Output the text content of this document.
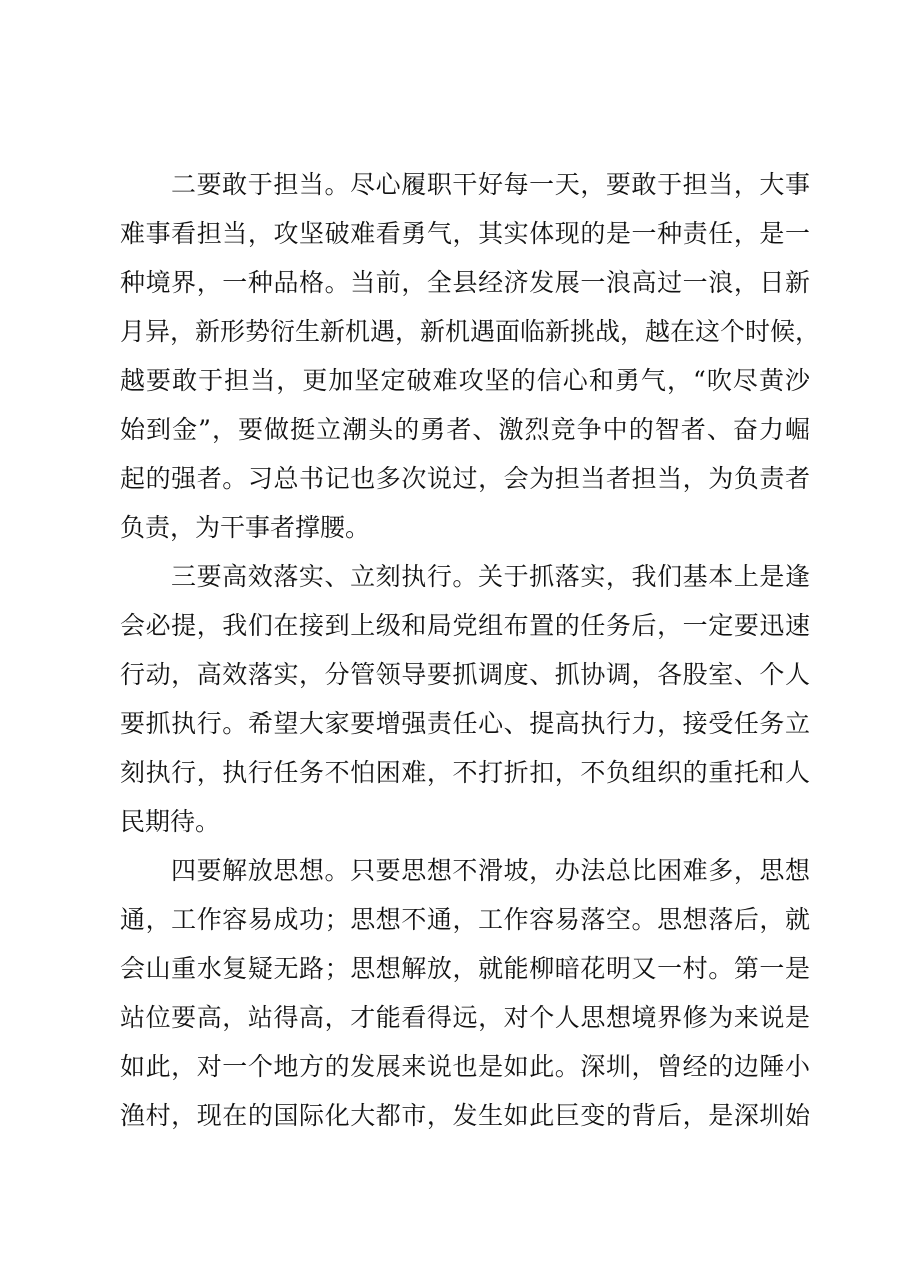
二要敢于担当。尽心履职干好每一天，要敢于担当，大事

难事看担当，攻坚破难看勇气，其实体现的是一种责任，是一

种境界，一种品格。当前，全县经济发展一浪高过一浪，日新

月异，新形势衍生新机遇，新机遇面临新挑战，越在这个时候，

越要敢于担当，更加坚定破难攻坚的信心和勇气，“吹尽黄沙

始到金”，要做挺立潮头的勇者、激烈竞争中的智者、奋力崛

起的强者。习总书记也多次说过，会为担当者担当，为负责者

负责，为干事者撑腰。

三要高效落实、立刻执行。关于抓落实，我们基本上是逢

会必提，我们在接到上级和局党组布置的任务后，一定要迅速

行动，高效落实，分管领导要抓调度、抓协调，各股室、个人

要抓执行。希望大家要增强责任心、提高执行力，接受任务立

刻执行，执行任务不怕困难，不打折扣，不负组织的重托和人

民期待。

四要解放思想。只要思想不滑坡，办法总比困难多，思想

通，工作容易成功；思想不通，工作容易落空。思想落后，就

会山重水复疑无路；思想解放，就能柳暗花明又一村。第一是

站位要高，站得高，才能看得远，对个人思想境界修为来说是

如此，对一个地方的发展来说也是如此。深圳，曾经的边陲小

渔村，现在的国际化大都市，发生如此巨变的背后，是深圳始
